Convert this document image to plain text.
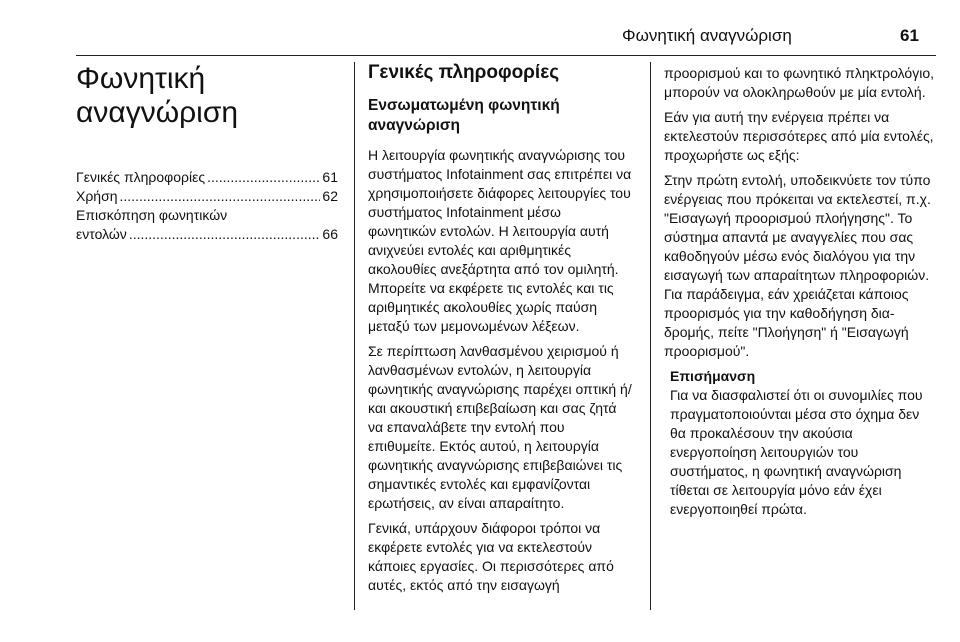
Φωνητική αναγνώριση	61
Φωνητική
αναγνώριση
Γενικές πληροφορίες .....	61
Χρήση .....	62
Επισκόπηση φωνητικών
εντολών .....	66
Γενικές πληροφορίες
Ενσωματωμένη φωνητική αναγνώριση

Η λειτουργία φωνητικής αναγνώρισης του συστήματος Infotainment σας επιτρέπει να χρησιμοποιήσετε διάφορες λειτουργίες του συστήματος Infotainment μέσω φωνητικών εντολών. Η λειτουργία αυτή ανιχνεύει εντολές και αριθμητικές ακολουθίες ανεξάρτητα από τον ομιλητή. Μπορείτε να εκφέρετε τις εντολές και τις αριθμητικές ακολουθίες χωρίς παύση μεταξύ των μεμονωμένων λέξεων.

Σε περίπτωση λανθασμένου χειρισμού ή λανθασμένων εντολών, η λειτουργία φωνητικής αναγνώρισης παρέχει οπτική ή/και ακουστική επιβεβαίωση και σας ζητά να επαναλάβετε την εντολή που επιθυμείτε. Εκτός αυτού, η λειτουργία φωνητικής αναγνώρισης επιβεβαιώνει τις σημαντικές εντολές και εμφανίζονται ερωτήσεις, αν είναι απαραίτητο.

Γενικά, υπάρχουν διάφοροι τρόποι να εκφέρετε εντολές για να εκτελεστούν κάποιες εργασίες. Οι περισσότερες από αυτές, εκτός από την εισαγωγή

προορισμού και το φωνητικό πληκτρολόγιο, μπορούν να ολοκληρωθούν με μία εντολή.

Εάν για αυτή την ενέργεια πρέπει να εκτελεστούν περισσότερες από μία εντολές, προχωρήστε ως εξής:

Στην πρώτη εντολή, υποδεικνύετε τον τύπο ενέργειας που πρόκειται να εκτελεστεί, π.χ. "Εισαγωγή προορισμού πλοήγησης". Το σύστημα απαντά με αναγγελίες που σας καθοδηγούν μέσω ενός διαλόγου για την εισαγωγή των απαραίτητων πληροφοριών. Για παράδειγμα, εάν χρειάζεται κάποιος προορισμός για την καθοδήγηση διαδρομής, πείτε "Πλοήγηση" ή "Εισαγωγή προορισμού".

Επισήμανση

Για να διασφαλιστεί ότι οι συνομιλίες που πραγματοποιούνται μέσα στο όχημα δεν θα προκαλέσουν την ακούσια ενεργοποίηση λειτουργιών του συστήματος, η φωνητική αναγνώριση τίθεται σε λειτουργία μόνο εάν έχει ενεργοποιηθεί πρώτα.
